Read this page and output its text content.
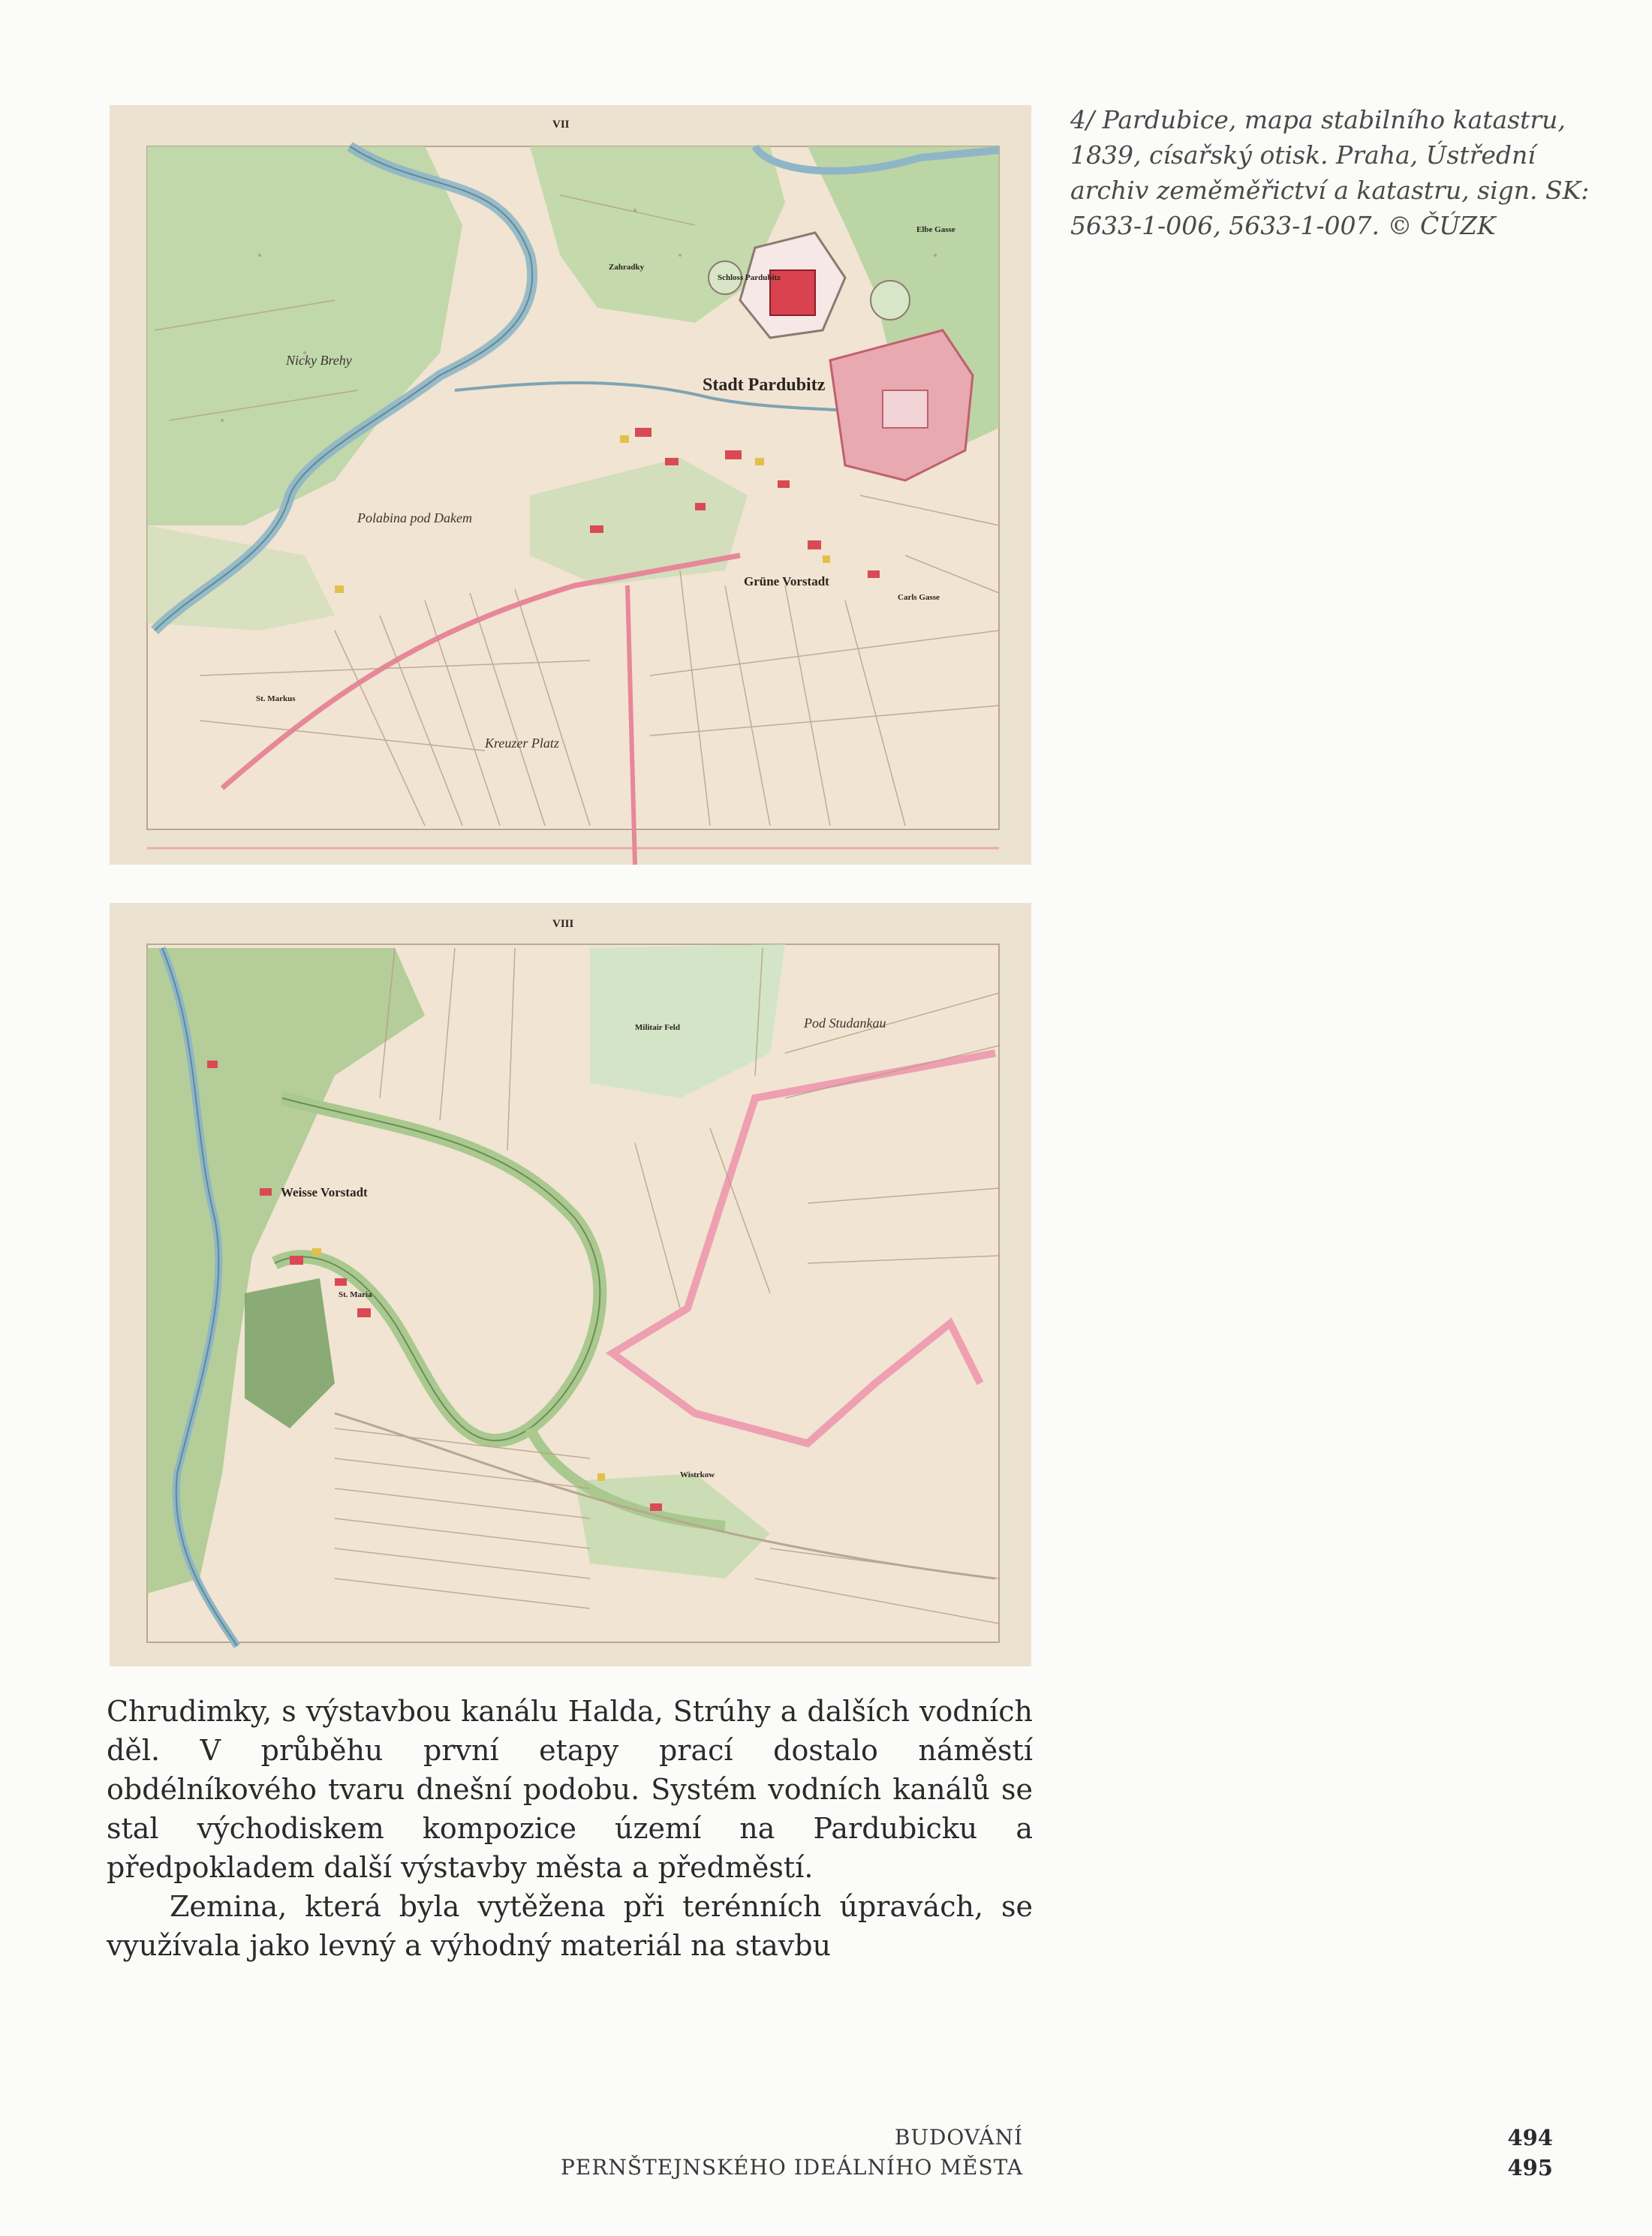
VII
Stadt Pardubitz
Schloss Pardubitz
Zahradky
Grüne Vorstadt
Elbe Gasse
Carls Gasse
Nicky Brehy
Polabina pod Dakem
Kreuzer Platz
St. Markus
VIII
Weisse Vorstadt
St. Maria
Wistrkow
Militair Feld	Pod Studankau

4/ Pardubice, mapa stabilního katastru, 1839, císařský otisk. Praha, Ústřední archiv zeměměřictví a katastru, sign. SK: 5633-1-006, 5633-1-007. © ČÚZK

Chrudimky, s výstavbou kanálu Halda, Strúhy a dalších vodních děl. V průběhu první etapy prací dostalo náměstí obdélníkového tvaru dnešní podobu. Systém vodních kanálů se stal východiskem kompozice území na Pardubicku a předpokladem další výstavby města a předměstí.

Zemina, která byla vytěžena při terénních úpravách, se využívala jako levný a výhodný materiál na stavbu

BUDOVÁNÍ
PERNŠTEJNSKÉHO IDEÁLNÍHO MĚSTA
494
495
